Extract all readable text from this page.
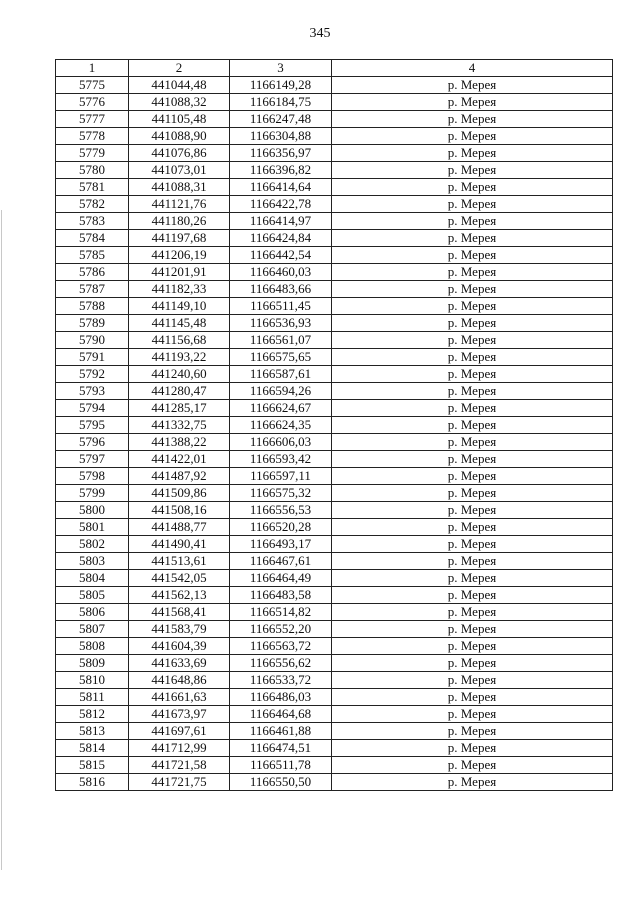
345
1	2	3	4
5775	441044,48	1166149,28	р. Мерея
5776	441088,32	1166184,75	р. Мерея
5777	441105,48	1166247,48	р. Мерея
5778	441088,90	1166304,88	р. Мерея
5779	441076,86	1166356,97	р. Мерея
5780	441073,01	1166396,82	р. Мерея
5781	441088,31	1166414,64	р. Мерея
5782	441121,76	1166422,78	р. Мерея
5783	441180,26	1166414,97	р. Мерея
5784	441197,68	1166424,84	р. Мерея
5785	441206,19	1166442,54	р. Мерея
5786	441201,91	1166460,03	р. Мерея
5787	441182,33	1166483,66	р. Мерея
5788	441149,10	1166511,45	р. Мерея
5789	441145,48	1166536,93	р. Мерея
5790	441156,68	1166561,07	р. Мерея
5791	441193,22	1166575,65	р. Мерея
5792	441240,60	1166587,61	р. Мерея
5793	441280,47	1166594,26	р. Мерея
5794	441285,17	1166624,67	р. Мерея
5795	441332,75	1166624,35	р. Мерея
5796	441388,22	1166606,03	р. Мерея
5797	441422,01	1166593,42	р. Мерея
5798	441487,92	1166597,11	р. Мерея
5799	441509,86	1166575,32	р. Мерея
5800	441508,16	1166556,53	р. Мерея
5801	441488,77	1166520,28	р. Мерея
5802	441490,41	1166493,17	р. Мерея
5803	441513,61	1166467,61	р. Мерея
5804	441542,05	1166464,49	р. Мерея
5805	441562,13	1166483,58	р. Мерея
5806	441568,41	1166514,82	р. Мерея
5807	441583,79	1166552,20	р. Мерея
5808	441604,39	1166563,72	р. Мерея
5809	441633,69	1166556,62	р. Мерея
5810	441648,86	1166533,72	р. Мерея
5811	441661,63	1166486,03	р. Мерея
5812	441673,97	1166464,68	р. Мерея
5813	441697,61	1166461,88	р. Мерея
5814	441712,99	1166474,51	р. Мерея
5815	441721,58	1166511,78	р. Мерея
5816	441721,75	1166550,50	р. Мерея
